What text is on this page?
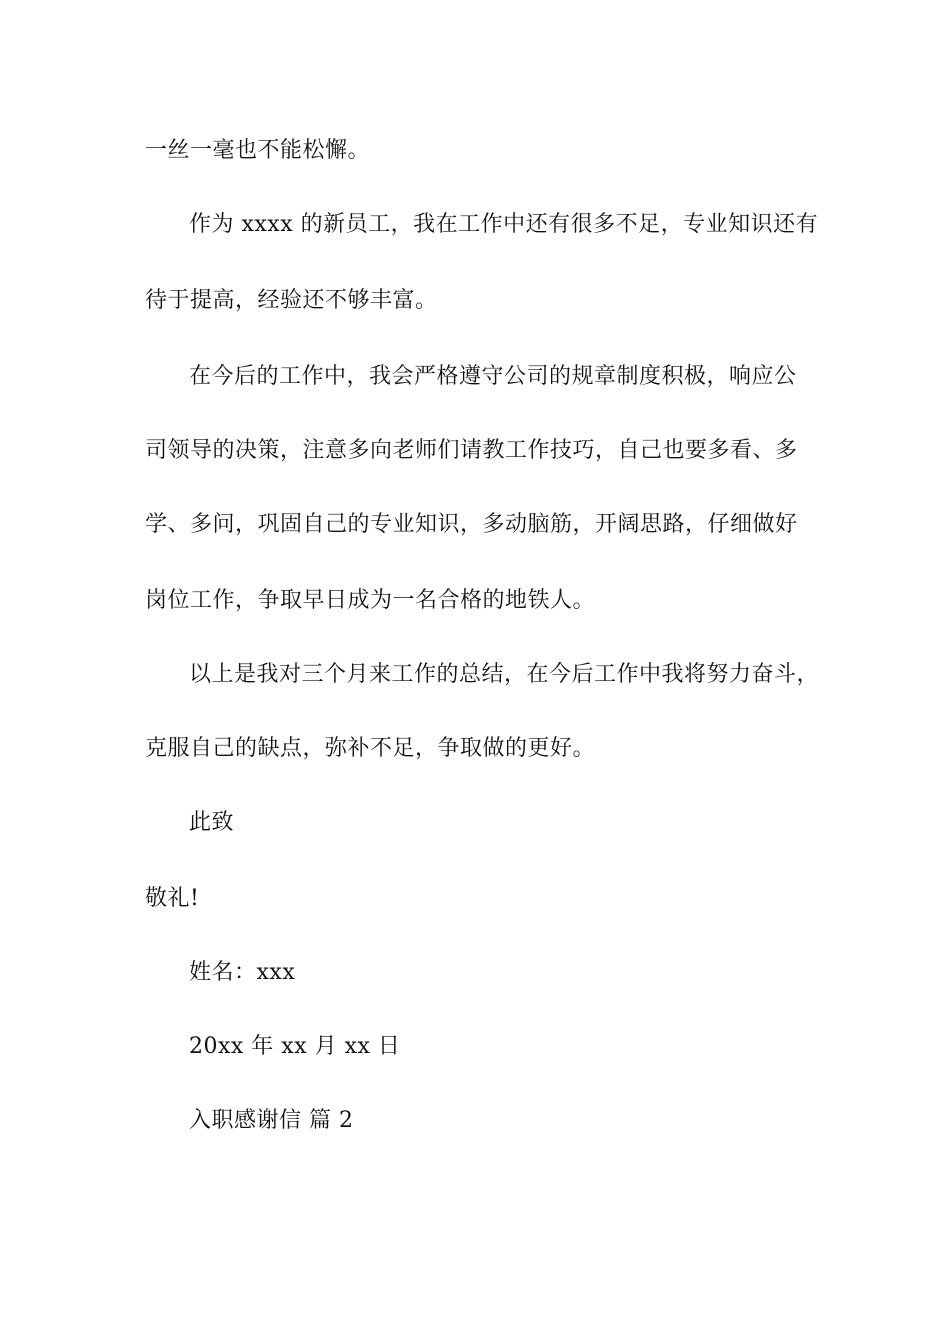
一丝一毫也不能松懈。
作为 xxxx 的新员工，我在工作中还有很多不足，专业知识还有
待于提高，经验还不够丰富。
在今后的工作中，我会严格遵守公司的规章制度积极，响应公
司领导的决策，注意多向老师们请教工作技巧，自己也要多看、多
学、多问，巩固自己的专业知识，多动脑筋，开阔思路，仔细做好
岗位工作，争取早日成为一名合格的地铁人。
以上是我对三个月来工作的总结，在今后工作中我将努力奋斗，
克服自己的缺点，弥补不足，争取做的更好。
此致
敬礼!
姓名：xxx
20xx 年 xx 月 xx 日
入职感谢信 篇 2
